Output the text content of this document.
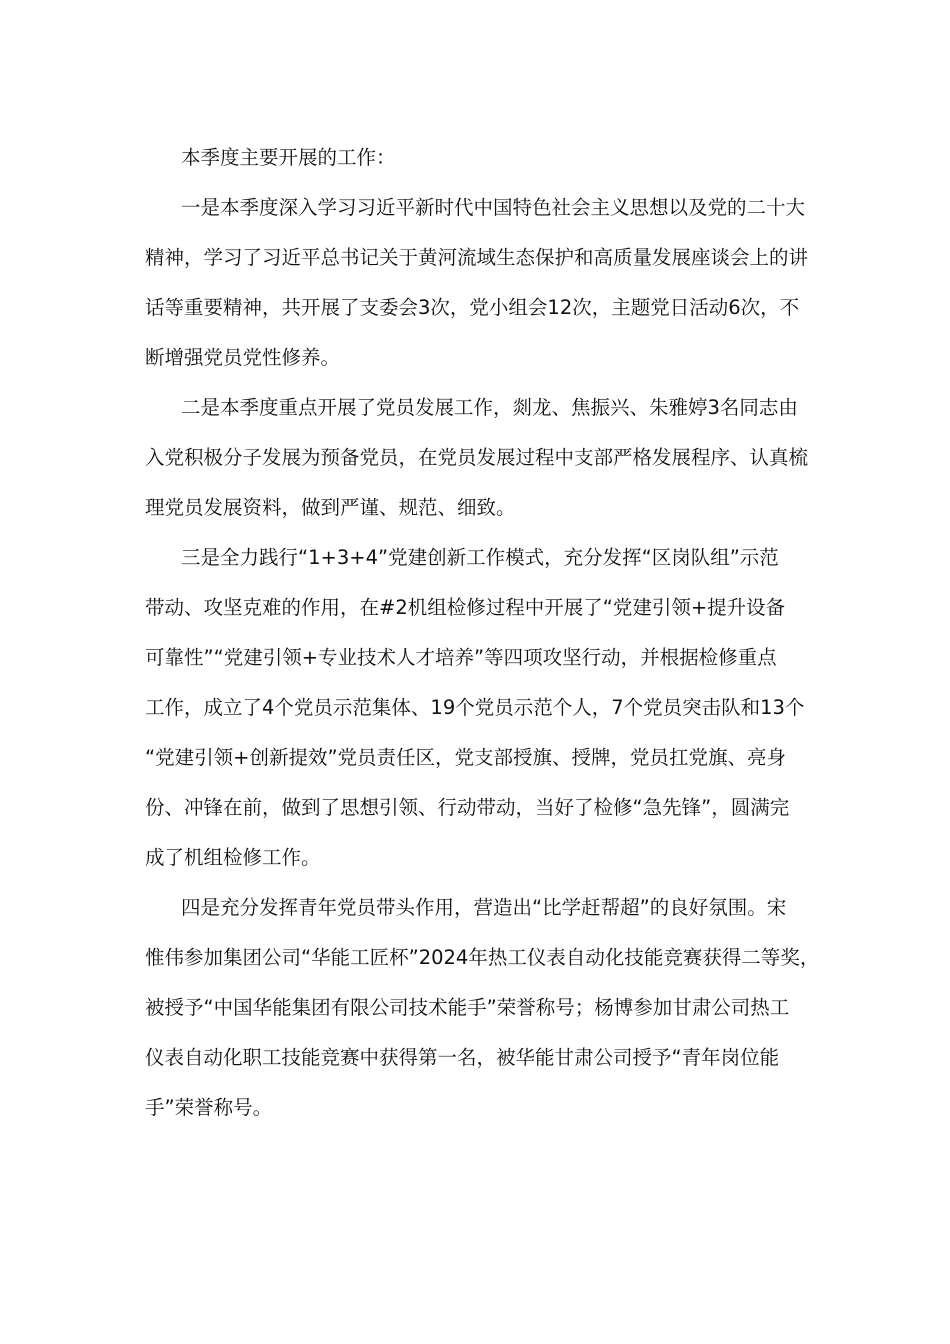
本季度主要开展的工作：
一是本季度深入学习习近平新时代中国特色社会主义思想以及党的二十大
精神，学习了习近平总书记关于黄河流域生态保护和高质量发展座谈会上的讲
话等重要精神，共开展了支委会3次，党小组会12次，主题党日活动6次，不
断增强党员党性修养。
二是本季度重点开展了党员发展工作，剡龙、焦振兴、朱雅婷3名同志由
入党积极分子发展为预备党员，在党员发展过程中支部严格发展程序、认真梳
理党员发展资料，做到严谨、规范、细致。
三是全力践行“1+3+4”党建创新工作模式，充分发挥“区岗队组”示范
带动、攻坚克难的作用，在#2机组检修过程中开展了“党建引领+提升设备
可靠性”“党建引领+专业技术人才培养”等四项攻坚行动，并根据检修重点
工作，成立了4个党员示范集体、19个党员示范个人，7个党员突击队和13个
“党建引领+创新提效”党员责任区，党支部授旗、授牌，党员扛党旗、亮身
份、冲锋在前，做到了思想引领、行动带动，当好了检修“急先锋”，圆满完
成了机组检修工作。
四是充分发挥青年党员带头作用，营造出“比学赶帮超”的良好氛围。宋
惟伟参加集团公司“华能工匠杯”2024年热工仪表自动化技能竞赛获得二等奖，
被授予“中国华能集团有限公司技术能手”荣誉称号；杨博参加甘肃公司热工
仪表自动化职工技能竞赛中获得第一名，被华能甘肃公司授予“青年岗位能
手”荣誉称号。
